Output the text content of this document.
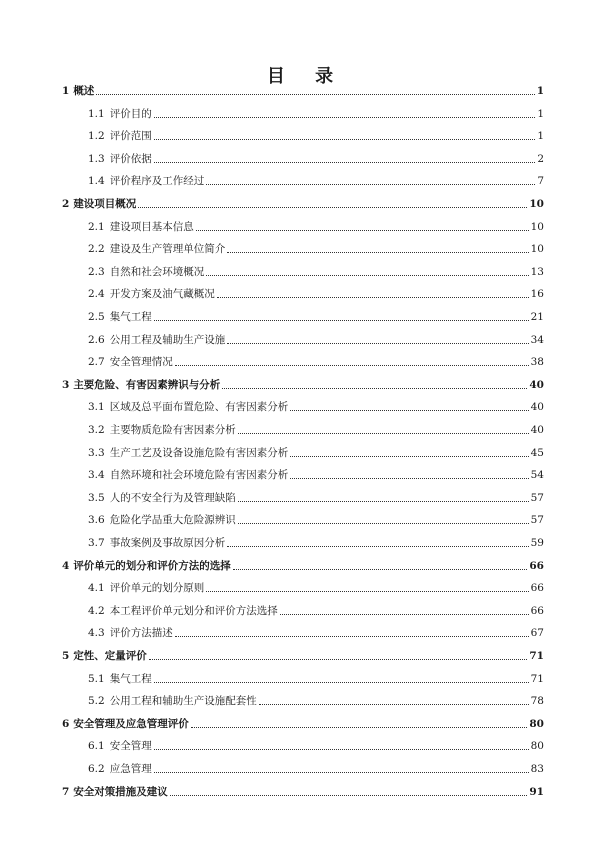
目 录
1 概述	1
1.1 评价目的	1
1.2 评价范围	1
1.3 评价依据	2
1.4 评价程序及工作经过	7
2 建设项目概况	10
2.1 建设项目基本信息	10
2.2 建设及生产管理单位简介	10
2.3 自然和社会环境概况	13
2.4 开发方案及油气藏概况	16
2.5 集气工程	21
2.6 公用工程及辅助生产设施	34
2.7 安全管理情况	38
3 主要危险、有害因素辨识与分析	40
3.1 区域及总平面布置危险、有害因素分析	40
3.2 主要物质危险有害因素分析	40
3.3 生产工艺及设备设施危险有害因素分析	45
3.4 自然环境和社会环境危险有害因素分析	54
3.5 人的不安全行为及管理缺陷	57
3.6 危险化学品重大危险源辨识	57
3.7 事故案例及事故原因分析	59
4 评价单元的划分和评价方法的选择	66
4.1 评价单元的划分原则	66
4.2 本工程评价单元划分和评价方法选择	66
4.3 评价方法描述	67
5 定性、定量评价	71
5.1 集气工程	71
5.2 公用工程和辅助生产设施配套性	78
6 安全管理及应急管理评价	80
6.1 安全管理	80
6.2 应急管理	83
7 安全对策措施及建议	91
